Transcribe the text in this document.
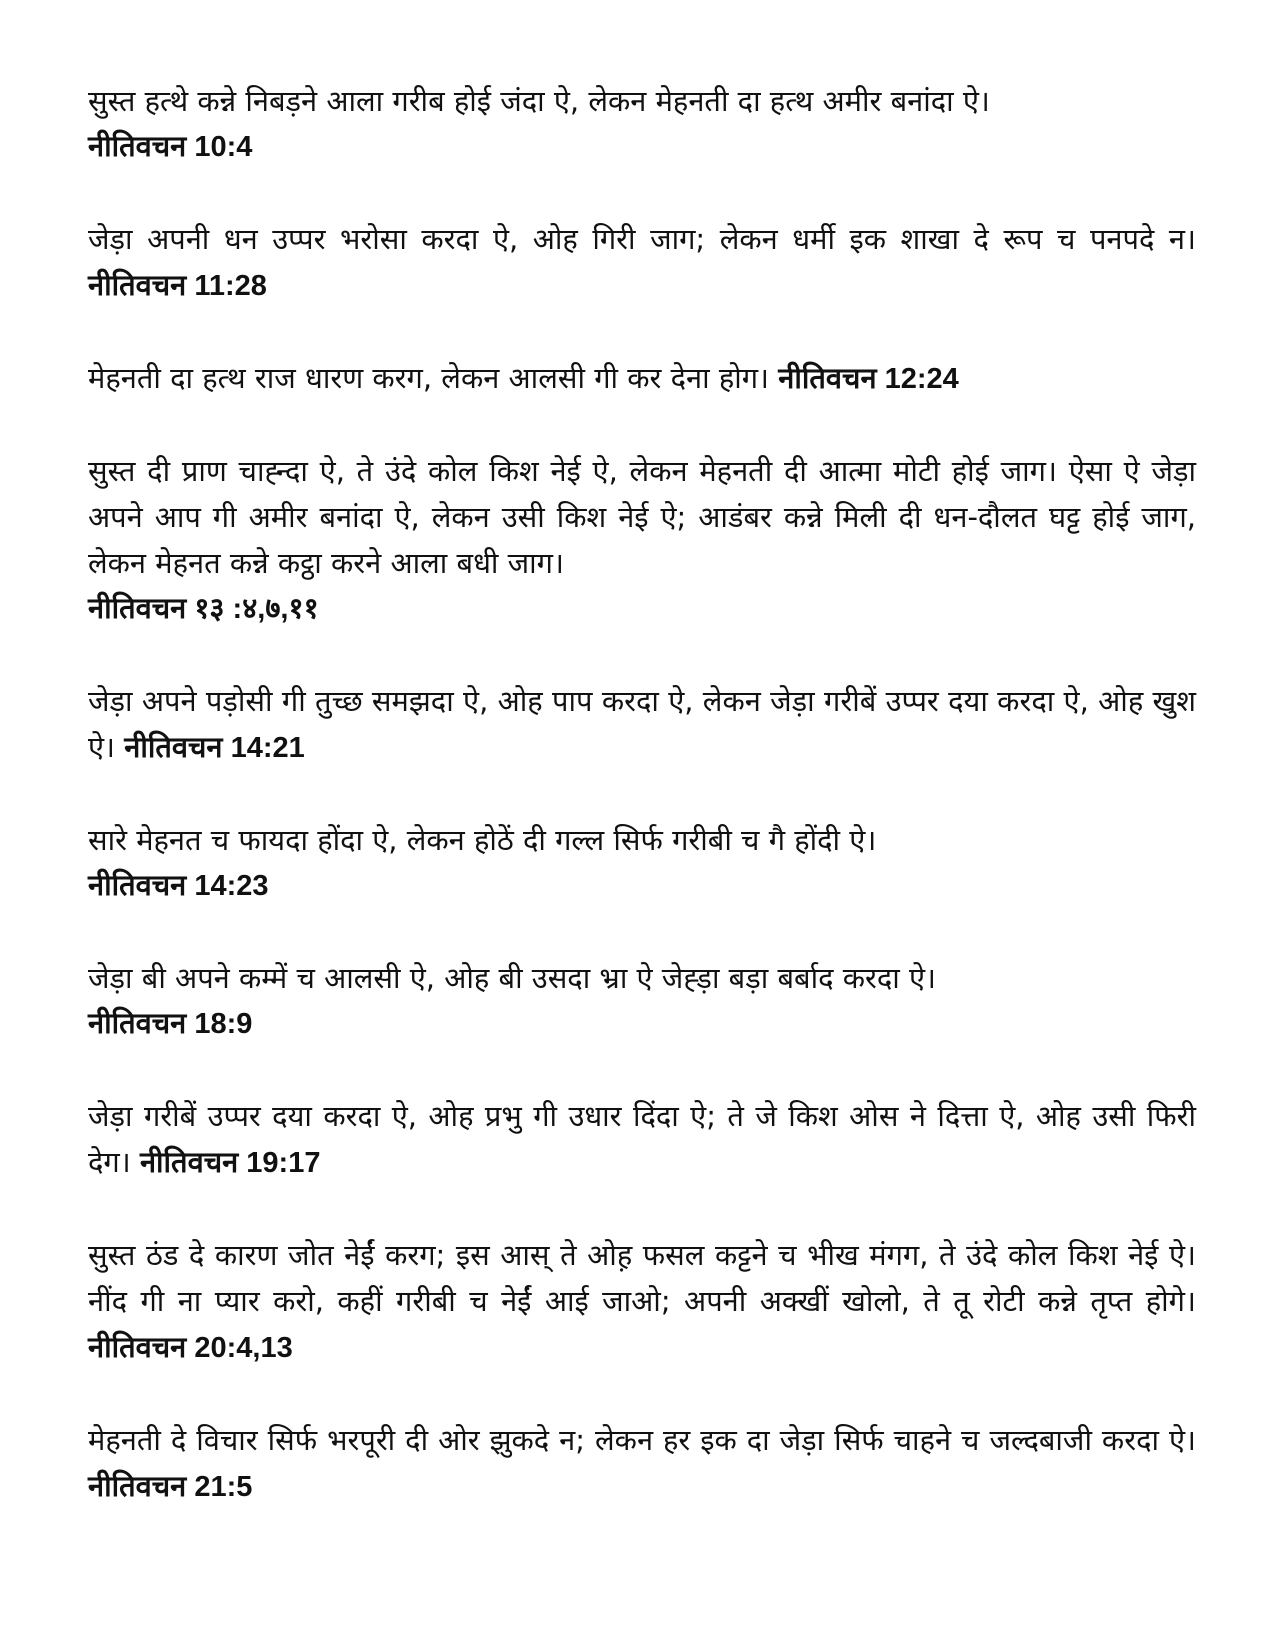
सुस्त हत्थे कन्ने निबड़ने आला गरीब होई जंदा ऐ, लेकन मेहनती दा हत्थ अमीर बनांदा ऐ।
नीतिवचन 10:4

जेड़ा अपनी धन उप्पर भरोसा करदा ऐ, ओह गिरी जाग; लेकन धर्मी इक शाखा दे रूप च पनपदे न। नीतिवचन 11:28

मेहनती दा हत्थ राज धारण करग, लेकन आलसी गी कर देना होग। नीतिवचन 12:24

सुस्त दी प्राण चाह्न्दा ऐ, ते उंदे कोल किश नेई ऐ, लेकन मेहनती दी आत्मा मोटी होई जाग। ऐसा ऐ जेड़ा अपने आप गी अमीर बनांदा ऐ, लेकन उसी किश नेई ऐ; आडंबर कन्ने मिली दी धन-दौलत घट्ट होई जाग, लेकन मेहनत कन्ने कट्ठा करने आला बधी जाग।
नीतिवचन १३ :४,७,११

जेड़ा अपने पड़ोसी गी तुच्छ समझदा ऐ, ओह पाप करदा ऐ, लेकन जेड़ा गरीबें उप्पर दया करदा ऐ, ओह खुश ऐ। नीतिवचन 14:21

सारे मेहनत च फायदा होंदा ऐ, लेकन होठें दी गल्ल सिर्फ गरीबी च गै होंदी ऐ।
नीतिवचन 14:23

जेड़ा बी अपने कम्में च आलसी ऐ, ओह बी उसदा भ्रा ऐ जेह्ड़ा बड़ा बर्बाद करदा ऐ।
नीतिवचन 18:9

जेड़ा गरीबें उप्पर दया करदा ऐ, ओह प्रभु गी उधार दिंदा ऐ; ते जे किश ओस ने दित्ता ऐ, ओह उसी फिरी देग। नीतिवचन 19:17

सुस्त ठंड दे कारण जोत नेईं करग; इस आस् ते ओह़ फसल कट्टने च भीख मंगग, ते उंदे कोल किश नेई ऐ। नींद गी ना प्यार करो, कहीं गरीबी च नेईं आई जाओ; अपनी अक्खीं खोलो, ते तू रोटी कन्ने तृप्त होगे। नीतिवचन 20:4,13

मेहनती दे विचार सिर्फ भरपूरी दी ओर झुकदे न; लेकन हर इक दा जेड़ा सिर्फ चाहने च जल्दबाजी करदा ऐ। नीतिवचन 21:5
